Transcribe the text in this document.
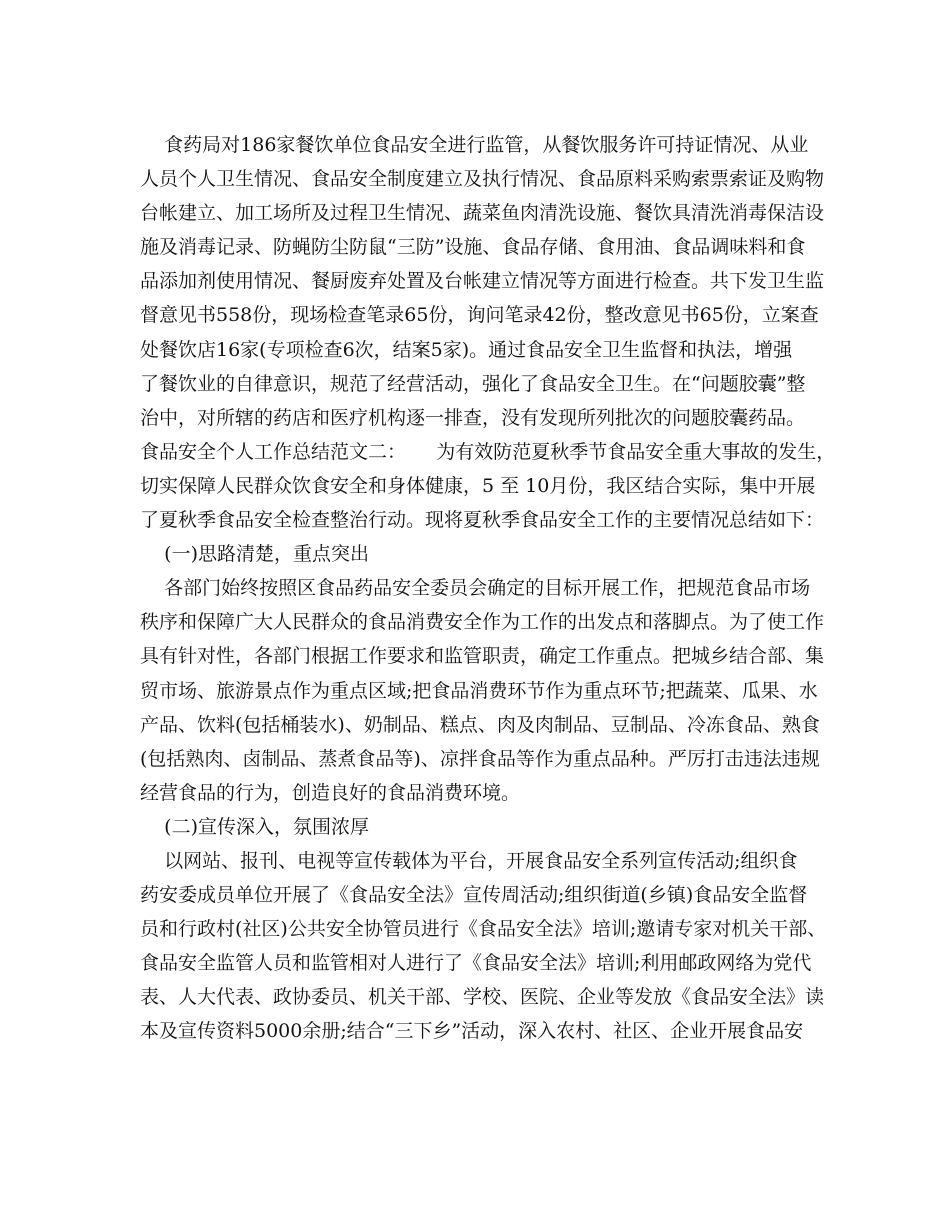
食药局对186家餐饮单位食品安全进行监管，从餐饮服务许可持证情况、从业
人员个人卫生情况、食品安全制度建立及执行情况、食品原料采购索票索证及购物
台帐建立、加工场所及过程卫生情况、蔬菜鱼肉清洗设施、餐饮具清洗消毒保洁设
施及消毒记录、防蝇防尘防鼠“三防”设施、食品存储、食用油、食品调味料和食
品添加剂使用情况、餐厨废弃处置及台帐建立情况等方面进行检查。共下发卫生监
督意见书558份，现场检查笔录65份，询问笔录42份，整改意见书65份，立案查
处餐饮店16家(专项检查6次，结案5家)。通过食品安全卫生监督和执法，增强
了餐饮业的自律意识，规范了经营活动，强化了食品安全卫生。在“问题胶囊”整
治中，对所辖的药店和医疗机构逐一排查，没有发现所列批次的问题胶囊药品。
食品安全个人工作总结范文二：     为有效防范夏秋季节食品安全重大事故的发生，
切实保障人民群众饮食安全和身体健康，5 至 10月份，我区结合实际，集中开展
了夏秋季食品安全检查整治行动。现将夏秋季食品安全工作的主要情况总结如下：
(一)思路清楚，重点突出
各部门始终按照区食品药品安全委员会确定的目标开展工作，把规范食品市场
秩序和保障广大人民群众的食品消费安全作为工作的出发点和落脚点。为了使工作
具有针对性，各部门根据工作要求和监管职责，确定工作重点。把城乡结合部、集
贸市场、旅游景点作为重点区域;把食品消费环节作为重点环节;把蔬菜、瓜果、水
产品、饮料(包括桶装水)、奶制品、糕点、肉及肉制品、豆制品、冷冻食品、熟食
(包括熟肉、卤制品、蒸煮食品等)、凉拌食品等作为重点品种。严厉打击违法违规
经营食品的行为，创造良好的食品消费环境。
(二)宣传深入，氛围浓厚
以网站、报刊、电视等宣传载体为平台，开展食品安全系列宣传活动;组织食
药安委成员单位开展了《食品安全法》宣传周活动;组织街道(乡镇)食品安全监督
员和行政村(社区)公共安全协管员进行《食品安全法》培训;邀请专家对机关干部、
食品安全监管人员和监管相对人进行了《食品安全法》培训;利用邮政网络为党代
表、人大代表、政协委员、机关干部、学校、医院、企业等发放《食品安全法》读
本及宣传资料5000余册;结合“三下乡”活动，深入农村、社区、企业开展食品安
